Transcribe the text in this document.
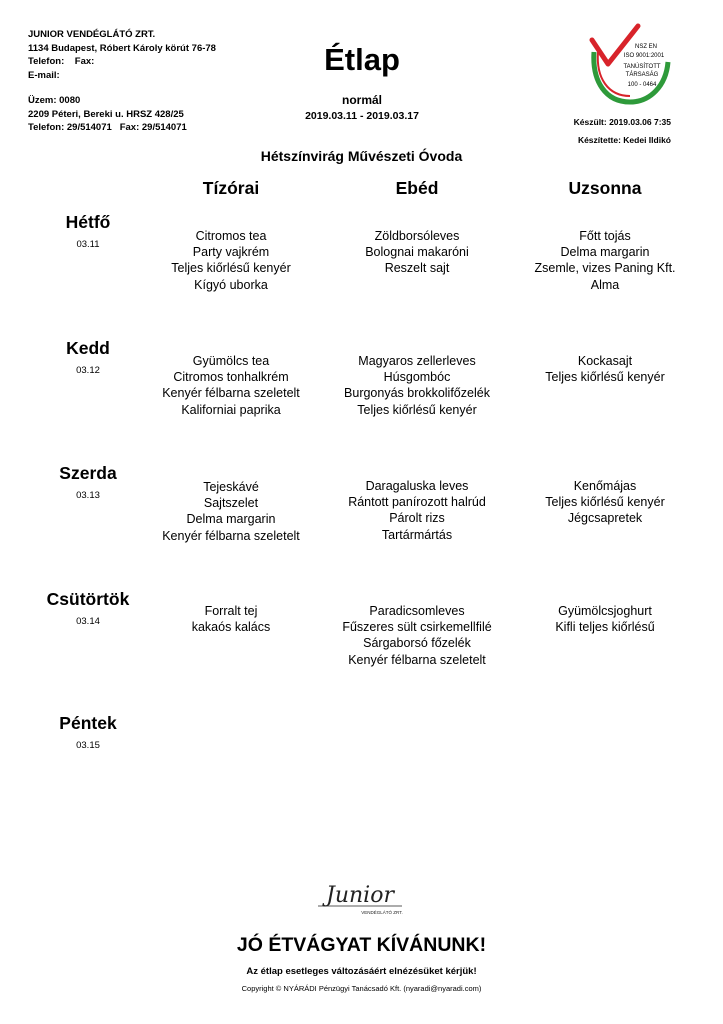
JUNIOR VENDÉGLÁTÓ ZRT.
1134 Budapest, Róbert Károly körút 76-78
Telefon:    Fax:
E-mail:
Üzem: 0080
2209 Péteri, Bereki u. HRSZ 428/25
Telefon: 29/514071   Fax: 29/514071
Étlap
normál
2019.03.11 - 2019.03.17
NSZ EN
ISO 9001:2001
TANÚSÍTOTT
TÁRSASÁG
100 - 0464
Készült: 2019.03.06 7:35
Készítette: Kedei Ildikó
Hétszínvirág Művészeti Óvoda
Tízórai	Ebéd	Uzsonna
Hétfő
03.11
Citromos tea
Party vajkrém
Teljes kiőrlésű kenyér
Kígyó uborka
Zöldborsóleves
Bolognai makaróni
Reszelt sajt
Főtt tojás
Delma margarin
Zsemle, vizes Paning Kft.
Alma
Kedd
03.12
Gyümölcs tea
Citromos tonhalkrém
Kenyér félbarna szeletelt
Kaliforniai paprika
Magyaros zellerleves
Húsgombóc
Burgonyás brokkolifőzelék
Teljes kiőrlésű kenyér
Kockasajt
Teljes kiőrlésű kenyér
Szerda
03.13
Tejeskávé
Sajtszelet
Delma margarin
Kenyér félbarna szeletelt
Daragaluska leves
Rántott panírozott halrúd
Párolt rizs
Tartármártás
Kenőmájas
Teljes kiőrlésű kenyér
Jégcsapretek
Csütörtök
03.14
Forralt tej
kakaós kalács
Paradicsomleves
Fűszeres sült csirkemellfilé
Sárgaborsó főzelék
Kenyér félbarna szeletelt
Gyümölcsjoghurt
Kifli teljes kiőrlésű
Péntek
03.15
Junior
VENDÉGLÁTÓ ZRT.
JÓ ÉTVÁGYAT KÍVÁNUNK!
Az étlap esetleges változásáért elnézésüket kérjük!
Copyright © NYÁRÁDI Pénzügyi Tanácsadó Kft. (nyaradi@nyaradi.com)
